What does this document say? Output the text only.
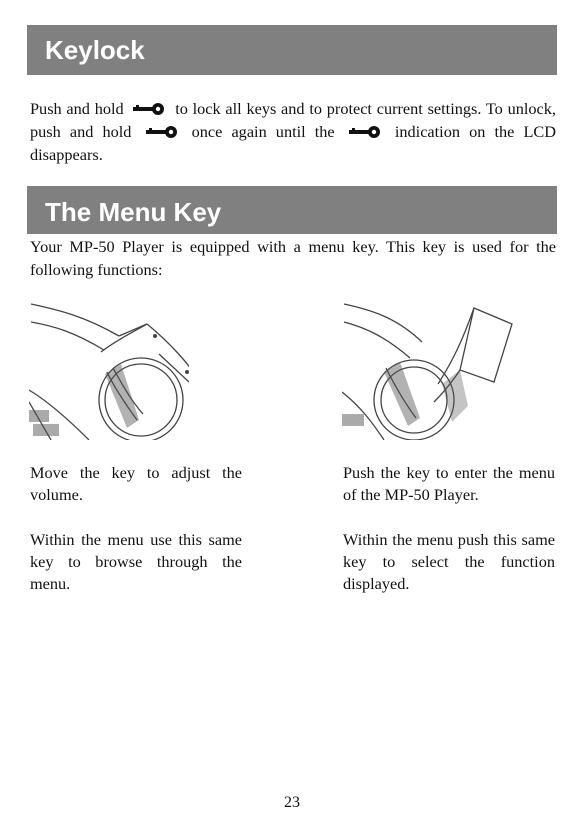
Keylock

Push and hold	to lock all keys and to protect current settings. To unlock, push and hold	once again until the	indication on the LCD disappears.

The Menu Key

Your MP-50 Player is equipped with a menu key. This key is used for the following functions:

Move the key to adjust the volume.

Within the menu use this same key to browse through the menu.

Push the key to enter the menu of the MP-50 Player.

Within the menu push this same key to select the function displayed.

23
